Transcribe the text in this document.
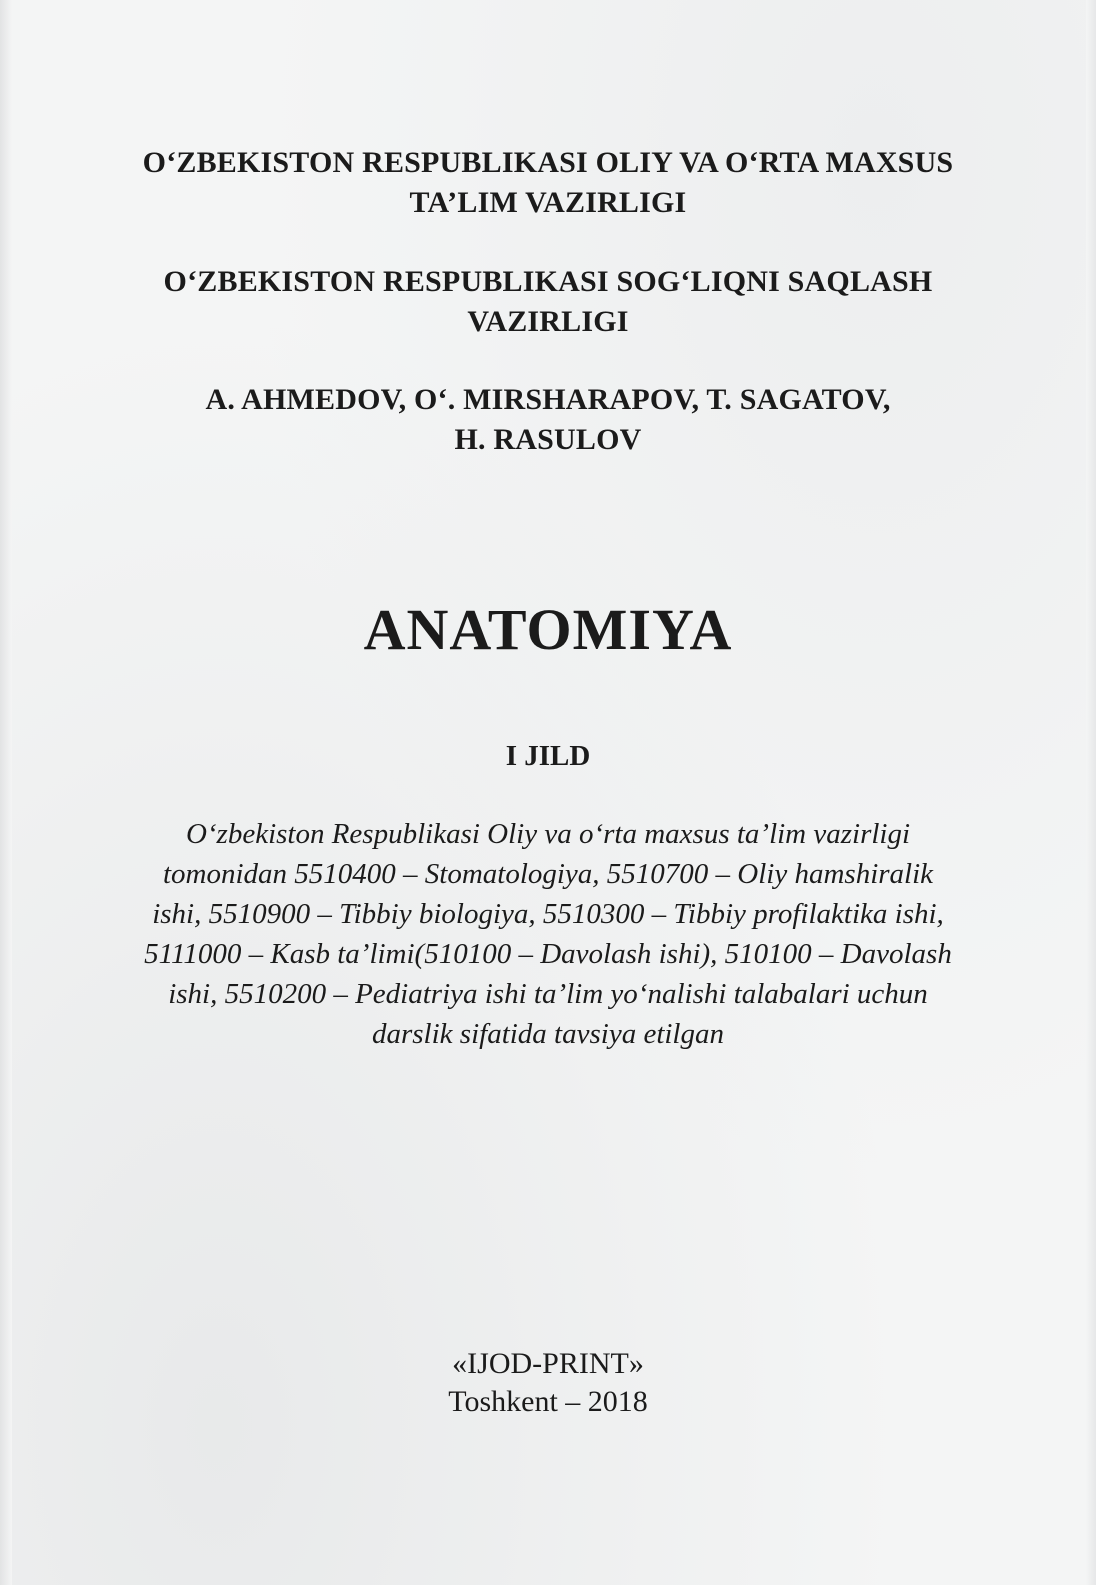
O‘ZBEKISTON RESPUBLIKASI OLIY VA O‘RTA MAXSUS
TA’LIM VAZIRLIGI
O‘ZBEKISTON RESPUBLIKASI SOG‘LIQNI SAQLASH
VAZIRLIGI
A. AHMEDOV, O‘. MIRSHARAPOV, T. SAGATOV,
H. RASULOV
ANATOMIYA
I JILD
O‘zbekiston Respublikasi Oliy va o‘rta maxsus ta’lim vazirligi
tomonidan 5510400 – Stomatologiya, 5510700 – Oliy hamshiralik
ishi, 5510900 – Tibbiy biologiya, 5510300 – Tibbiy profilaktika ishi,
5111000 – Kasb ta’limi(510100 – Davolash ishi), 510100 – Davolash
ishi, 5510200 – Pediatriya ishi ta’lim yo‘nalishi talabalari uchun
darslik sifatida tavsiya etilgan
«IJOD-PRINT»
Toshkent – 2018
